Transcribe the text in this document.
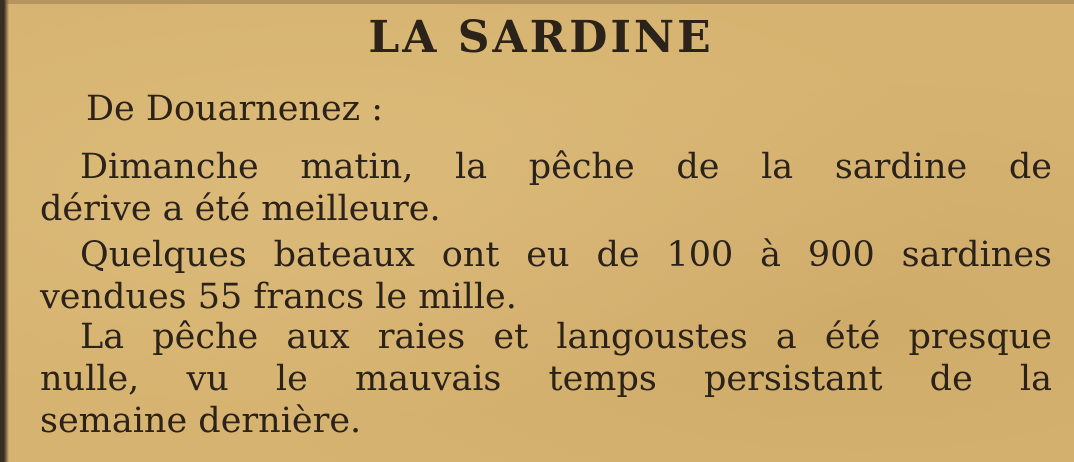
LA SARDINE
De Douarnenez :
Dimanche matin, la pêche de la sardine de
dérive a été meilleure.
Quelques bateaux ont eu de 100 à 900 sardines
vendues 55 francs le mille.
La pêche aux raies et langoustes a été presque
nulle, vu le mauvais temps persistant de la
semaine dernière.
